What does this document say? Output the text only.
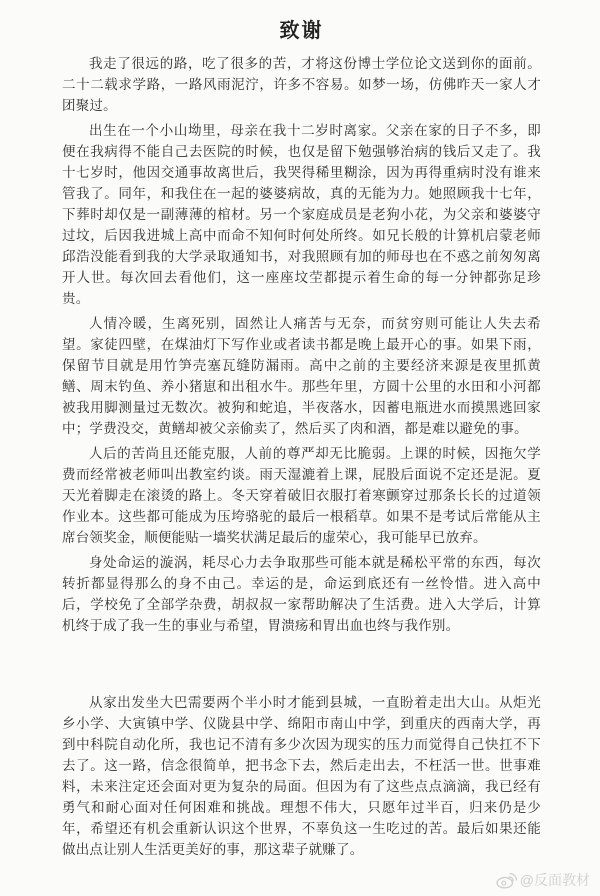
致谢

我走了很远的路，吃了很多的苦，才将这份博士学位论文送到你的面前。二十二载求学路，一路风雨泥泞，许多不容易。如梦一场，仿佛昨天一家人才团聚过。

出生在一个小山坳里，母亲在我十二岁时离家。父亲在家的日子不多，即便在我病得不能自己去医院的时候，也仅是留下勉强够治病的钱后又走了。我十七岁时，他因交通事故离世后，我哭得稀里糊涂，因为再得重病时没有谁来管我了。同年，和我住在一起的婆婆病故，真的无能为力。她照顾我十七年，下葬时却仅是一副薄薄的棺材。另一个家庭成员是老狗小花，为父亲和婆婆守过坟，后因我进城上高中而命不知何时何处所终。如兄长般的计算机启蒙老师邱浩没能看到我的大学录取通知书，对我照顾有加的师母也在不惑之前匆匆离开人世。每次回去看他们，这一座座坟茔都提示着生命的每一分钟都弥足珍贵。

人情冷暖，生离死别，固然让人痛苦与无奈，而贫穷则可能让人失去希望。家徒四壁，在煤油灯下写作业或者读书都是晚上最开心的事。如果下雨，保留节目就是用竹笋壳塞瓦缝防漏雨。高中之前的主要经济来源是夜里抓黄鳝、周末钓鱼、养小猪崽和出租水牛。那些年里，方圆十公里的水田和小河都被我用脚测量过无数次。被狗和蛇追，半夜落水，因蓄电瓶进水而摸黑逃回家中；学费没交，黄鳝却被父亲偷卖了，然后买了肉和酒，都是难以避免的事。

人后的苦尚且还能克服，人前的尊严却无比脆弱。上课的时候，因拖欠学费而经常被老师叫出教室约谈。雨天湿漉着上课，屁股后面说不定还是泥。夏天光着脚走在滚烫的路上。冬天穿着破旧衣服打着寒颤穿过那条长长的过道领作业本。这些都可能成为压垮骆驼的最后一根稻草。如果不是考试后常能从主席台领奖金，顺便能贴一墙奖状满足最后的虚荣心，我可能早已放弃。

身处命运的漩涡，耗尽心力去争取那些可能本就是稀松平常的东西，每次转折都显得那么的身不由己。幸运的是，命运到底还有一丝怜惜。进入高中后，学校免了全部学杂费，胡叔叔一家帮助解决了生活费。进入大学后，计算机终于成了我一生的事业与希望，胃溃疡和胃出血也终与我作别。

从家出发坐大巴需要两个半小时才能到县城，一直盼着走出大山。从炬光乡小学、大寅镇中学、仪陇县中学、绵阳市南山中学，到重庆的西南大学，再到中科院自动化所，我也记不清有多少次因为现实的压力而觉得自己快扛不下去了。这一路，信念很简单，把书念下去，然后走出去，不枉活一世。世事难料，未来注定还会面对更为复杂的局面。但因为有了这些点点滴滴，我已经有勇气和耐心面对任何困难和挑战。理想不伟大，只愿年过半百，归来仍是少年，希望还有机会重新认识这个世界，不辜负这一生吃过的苦。最后如果还能做出点让别人生活更美好的事，那这辈子就赚了。

@反面教材
